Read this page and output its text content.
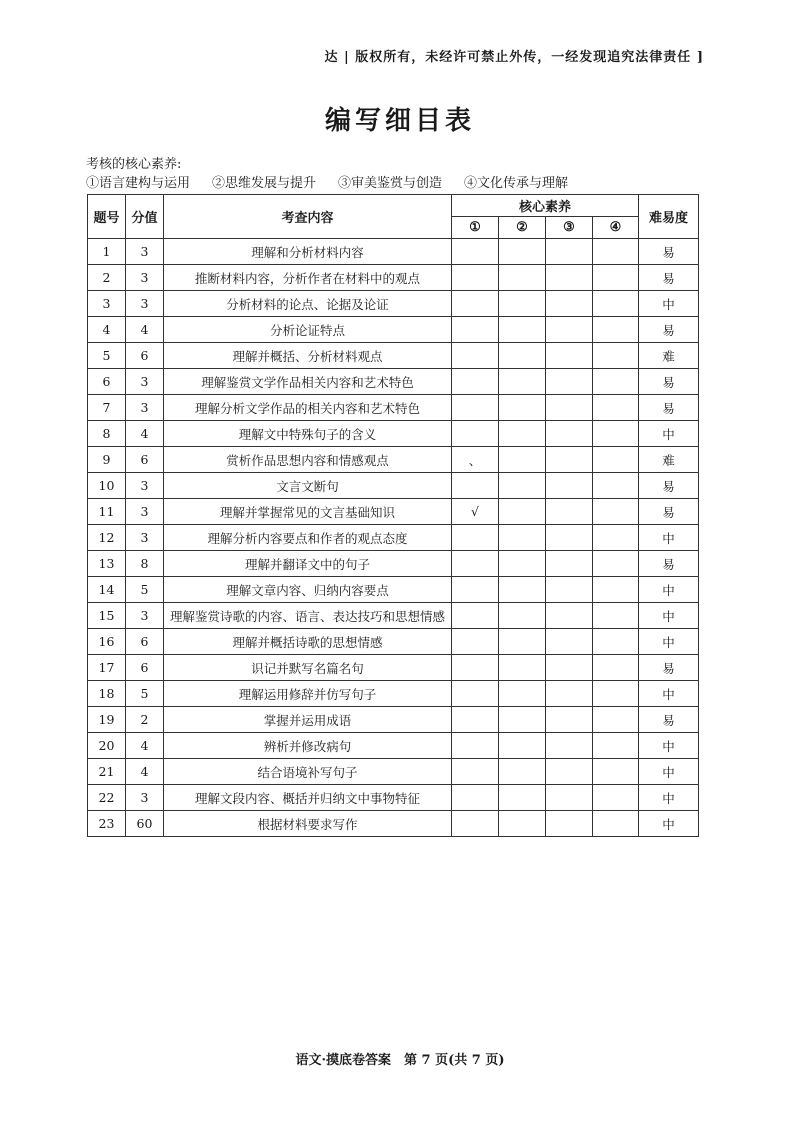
达 | 版权所有，未经许可禁止外传，一经发现追究法律责任 ]
编写细目表
考核的核心素养:
①语言建构与运用 ②思维发展与提升 ③审美鉴赏与创造 ④文化传承与理解
题号	分值	考查内容	核心素养				难易度
			①	②	③	④	
1	3	理解和分析材料内容					易
2	3	推断材料内容，分析作者在材料中的观点					易
3	3	分析材料的论点、论据及论证					中
4	4	分析论证特点					易
5	6	理解并概括、分析材料观点					难
6	3	理解鉴赏文学作品相关内容和艺术特色					易
7	3	理解分析文学作品的相关内容和艺术特色					易
8	4	理解文中特殊句子的含义					中
9	6	赏析作品思想内容和情感观点	、				难
10	3	文言文断句					易
11	3	理解并掌握常见的文言基础知识	√				易
12	3	理解分析内容要点和作者的观点态度					中
13	8	理解并翻译文中的句子					易
14	5	理解文章内容、归纳内容要点					中
15	3	理解鉴赏诗歌的内容、语言、表达技巧和思想情感					中
16	6	理解并概括诗歌的思想情感					中
17	6	识记并默写名篇名句					易
18	5	理解运用修辞并仿写句子					中
19	2	掌握并运用成语					易
20	4	辨析并修改病句					中
21	4	结合语境补写句子					中
22	3	理解文段内容、概括并归纳文中事物特征					中
23	60	根据材料要求写作					中
语文·摸底卷答案　第 7 页(共 7 页)
